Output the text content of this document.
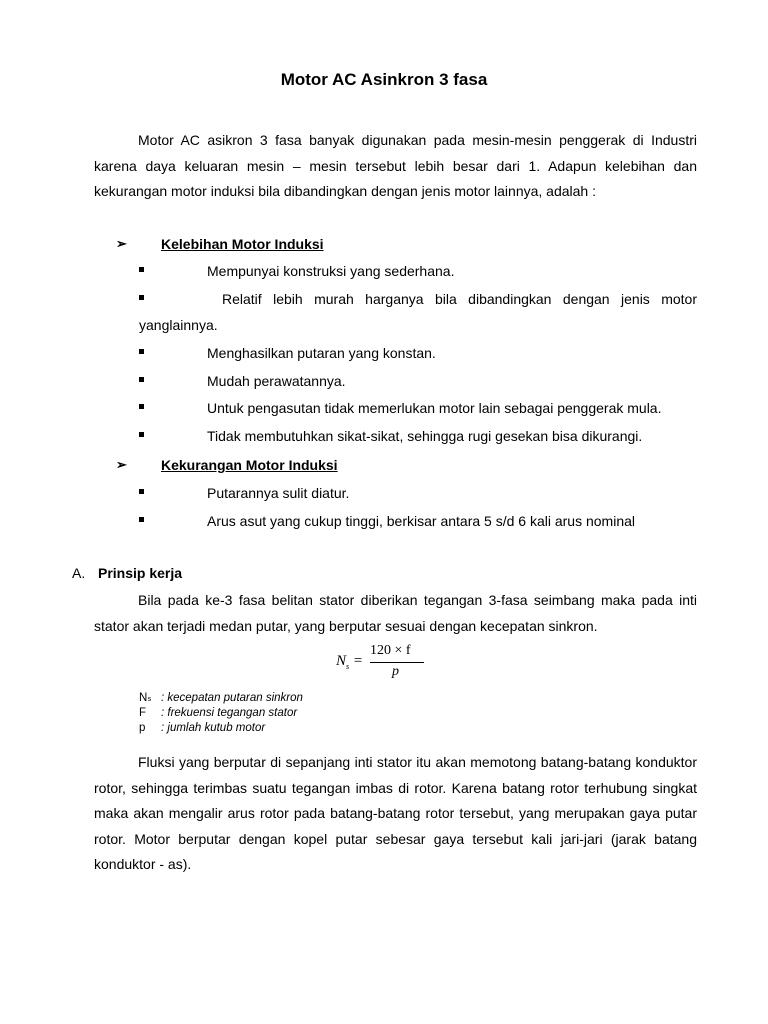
Motor AC Asinkron 3 fasa

Motor AC asikron 3 fasa banyak digunakan pada mesin-mesin penggerak di Industri karena daya keluaran mesin – mesin tersebut lebih besar dari 1. Adapun kelebihan dan kekurangan motor induksi bila dibandingkan dengan jenis motor lainnya, adalah :

➢ Kelebihan Motor Induksi
Mempunyai konstruksi yang sederhana.
Relatif lebih murah harganya bila dibandingkan dengan jenis motor yanglainnya.
Menghasilkan putaran yang konstan.
Mudah perawatannya.
Untuk pengasutan tidak memerlukan motor lain sebagai penggerak mula.
Tidak membutuhkan sikat-sikat, sehingga rugi gesekan bisa dikurangi.
➢ Kekurangan Motor Induksi
Putarannya sulit diatur.
Arus asut yang cukup tinggi, berkisar antara 5 s/d 6 kali arus nominal
A. Prinsip kerja

Bila pada ke-3 fasa belitan stator diberikan tegangan 3-fasa seimbang maka pada inti stator akan terjadi medan putar, yang berputar sesuai dengan kecepatan sinkron.

$N_s$ =
120 × f
p
Nₛ : kecepatan putaran sinkron
F : frekuensi tegangan stator
p : jumlah kutub motor

Fluksi yang berputar di sepanjang inti stator itu akan memotong batang-batang konduktor rotor, sehingga terimbas suatu tegangan imbas di rotor. Karena batang rotor terhubung singkat maka akan mengalir arus rotor pada batang-batang rotor tersebut, yang merupakan gaya putar rotor. Motor berputar dengan kopel putar sebesar gaya tersebut kali jari-jari (jarak batang konduktor - as).
